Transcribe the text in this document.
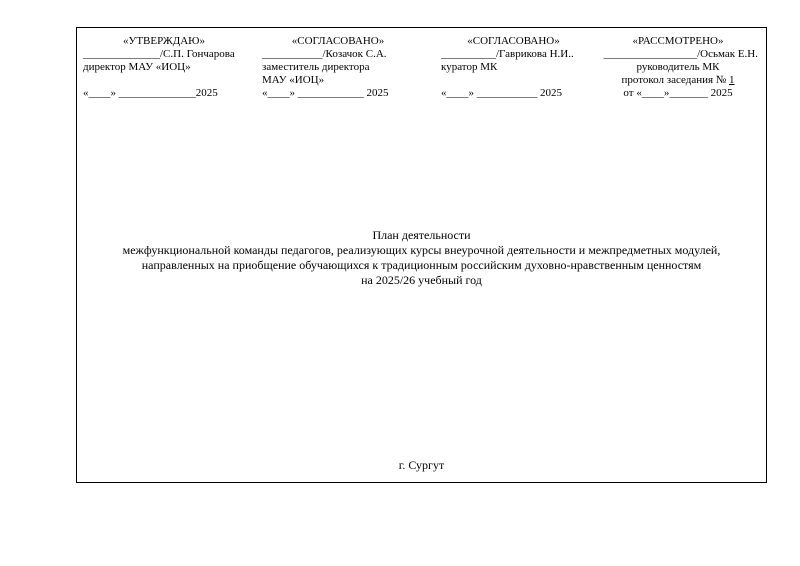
«УТВЕРЖДАЮ»
______________/С.П. Гончарова
директор МАУ «ИОЦ»
«____» ______________2025
«СОГЛАСОВАНО»
___________/Козачок С.А.
заместитель директора
МАУ «ИОЦ»
«____» ____________ 2025
«СОГЛАСОВАНО»
__________/Гаврикова Н.И..
куратор МК
«____» ___________ 2025
«РАССМОТРЕНО»
_________________/Осьмак Е.Н.
руководитель МК
протокол заседания № 1
от «____»_______ 2025
План деятельности
межфункциональной команды педагогов, реализующих курсы внеурочной деятельности и межпредметных модулей,
направленных на приобщение обучающихся к традиционным российским духовно-нравственным ценностям
на 2025/26 учебный год
г. Сургут
